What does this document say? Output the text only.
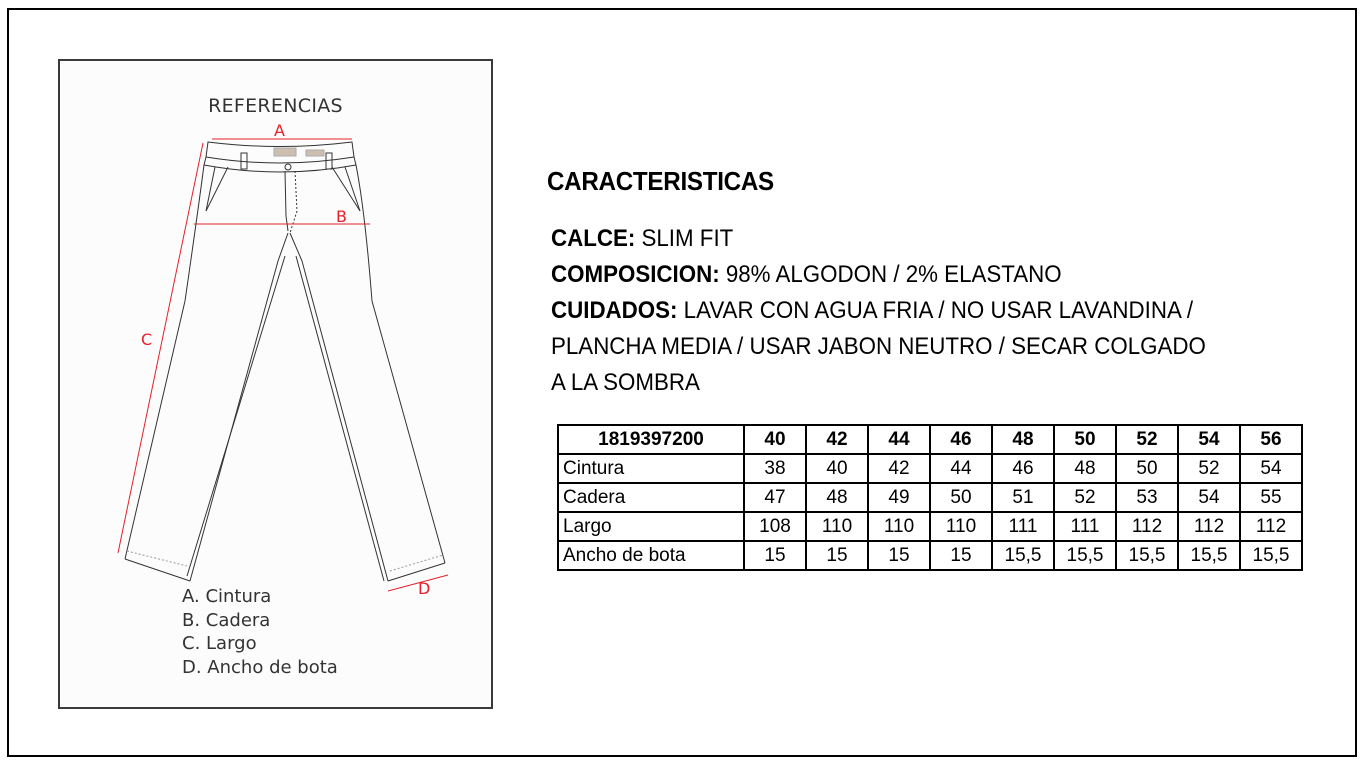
REFERENCIAS
A
B
C
D
A. Cintura
B. Cadera
C. Largo
D. Ancho de bota
CARACTERISTICAS
CALCE: SLIM FIT
COMPOSICION: 98% ALGODON / 2% ELASTANO
CUIDADOS: LAVAR CON AGUA FRIA / NO USAR LAVANDINA /
PLANCHA MEDIA / USAR JABON NEUTRO / SECAR COLGADO
A LA SOMBRA
1819397200	40	42	44	46	48	50	52	54	56
Cintura	38	40	42	44	46	48	50	52	54
Cadera	47	48	49	50	51	52	53	54	55
Largo	108	110	110	110	111	111	112	112	112
Ancho de bota	15	15	15	15	15,5	15,5	15,5	15,5	15,5
